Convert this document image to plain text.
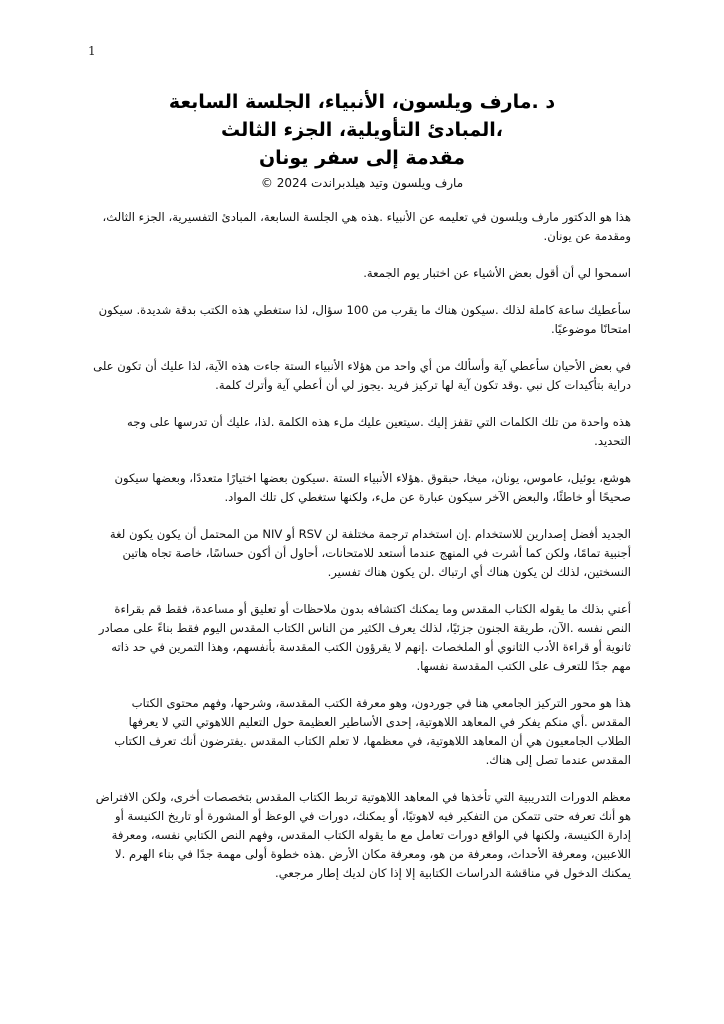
1

د .مارف ويلسون، الأنبياء، الجلسة السابعة

،المبادئ التأويلية، الجزء الثالث

مقدمة إلى سفر يونان

مارف ويلسون وتيد هيلدبراندت 2024 ©

هذا هو الدكتور مارف ويلسون في تعليمه عن الأنبياء .هذه هي الجلسة السابعة، المبادئ التفسيرية، الجزء الثالث، ومقدمة عن يونان.

اسمحوا لي أن أقول بعض الأشياء عن اختبار يوم الجمعة.

سأعطيك ساعة كاملة لذلك .سيكون هناك ما يقرب من 100 سؤال، لذا ستغطي هذه الكتب بدقة شديدة. سيكون امتحانًا موضوعيًا.

في بعض الأحيان سأعطي آية وأسألك من أي واحد من هؤلاء الأنبياء الستة جاءت هذه الآية، لذا عليك أن تكون على دراية بتأكيدات كل نبي .وقد تكون آية لها تركيز فريد .يجوز لي أن أعطي آية وأترك كلمة.

هذه واحدة من تلك الكلمات التي تقفز إليك .سيتعين عليك ملء هذه الكلمة .لذا، عليك أن تدرسها على وجه التحديد.

هوشع، يوئيل، عاموس، يونان، ميخا، حبقوق .هؤلاء الأنبياء الستة .سيكون بعضها اختيارًا متعددًا، وبعضها سيكون صحيحًا أو خاطئًا، والبعض الآخر سيكون عبارة عن ملء، ولكنها ستغطي كل تلك المواد.

الجديد أفضل إصدارين للاستخدام .إن استخدام ترجمة مختلفة لن RSV أو NIV من المحتمل أن يكون يكون لغة أجنبية تمامًا، ولكن كما أشرت في المنهج عندما أستعد للامتحانات، أحاول أن أكون حساسًا، خاصة تجاه هاتين النسختين، لذلك لن يكون هناك أي ارتباك .لن يكون هناك تفسير.

أعني بذلك ما يقوله الكتاب المقدس وما يمكنك اكتشافه بدون ملاحظات أو تعليق أو مساعدة، فقط قم بقراءة النص نفسه .الآن، طريقة الجنون جزئيًا، لذلك يعرف الكثير من الناس الكتاب المقدس اليوم فقط بناءً على مصادر ثانوية أو قراءة الأدب الثانوي أو الملخصات .إنهم لا يقرؤون الكتب المقدسة بأنفسهم، وهذا التمرين في حد ذاته مهم جدًا للتعرف على الكتب المقدسة نفسها.

هذا هو محور التركيز الجامعي هنا في جوردون، وهو معرفة الكتب المقدسة، وشرحها، وفهم محتوى الكتاب المقدس .أي منكم يفكر في المعاهد اللاهوتية، إحدى الأساطير العظيمة حول التعليم اللاهوتي التي لا يعرفها الطلاب الجامعيون هي أن المعاهد اللاهوتية، في معظمها، لا تعلم الكتاب المقدس .يفترضون أنك تعرف الكتاب المقدس عندما تصل إلى هناك.

معظم الدورات التدريبية التي تأخذها في المعاهد اللاهوتية تربط الكتاب المقدس بتخصصات أخرى، ولكن الافتراض هو أنك تعرفه حتى تتمكن من التفكير فيه لاهوتيًا، أو يمكنك، دورات في الوعظ أو المشورة أو تاريخ الكنيسة أو إدارة الكنيسة، ولكنها في الواقع دورات تعامل مع ما يقوله الكتاب المقدس، وفهم النص الكتابي نفسه، ومعرفة اللاعبين، ومعرفة الأحداث، ومعرفة من هو، ومعرفة مكان الأرض .هذه خطوة أولى مهمة جدًا في بناء الهرم .لا يمكنك الدخول في مناقشة الدراسات الكتابية إلا إذا كان لديك إطار مرجعي.
